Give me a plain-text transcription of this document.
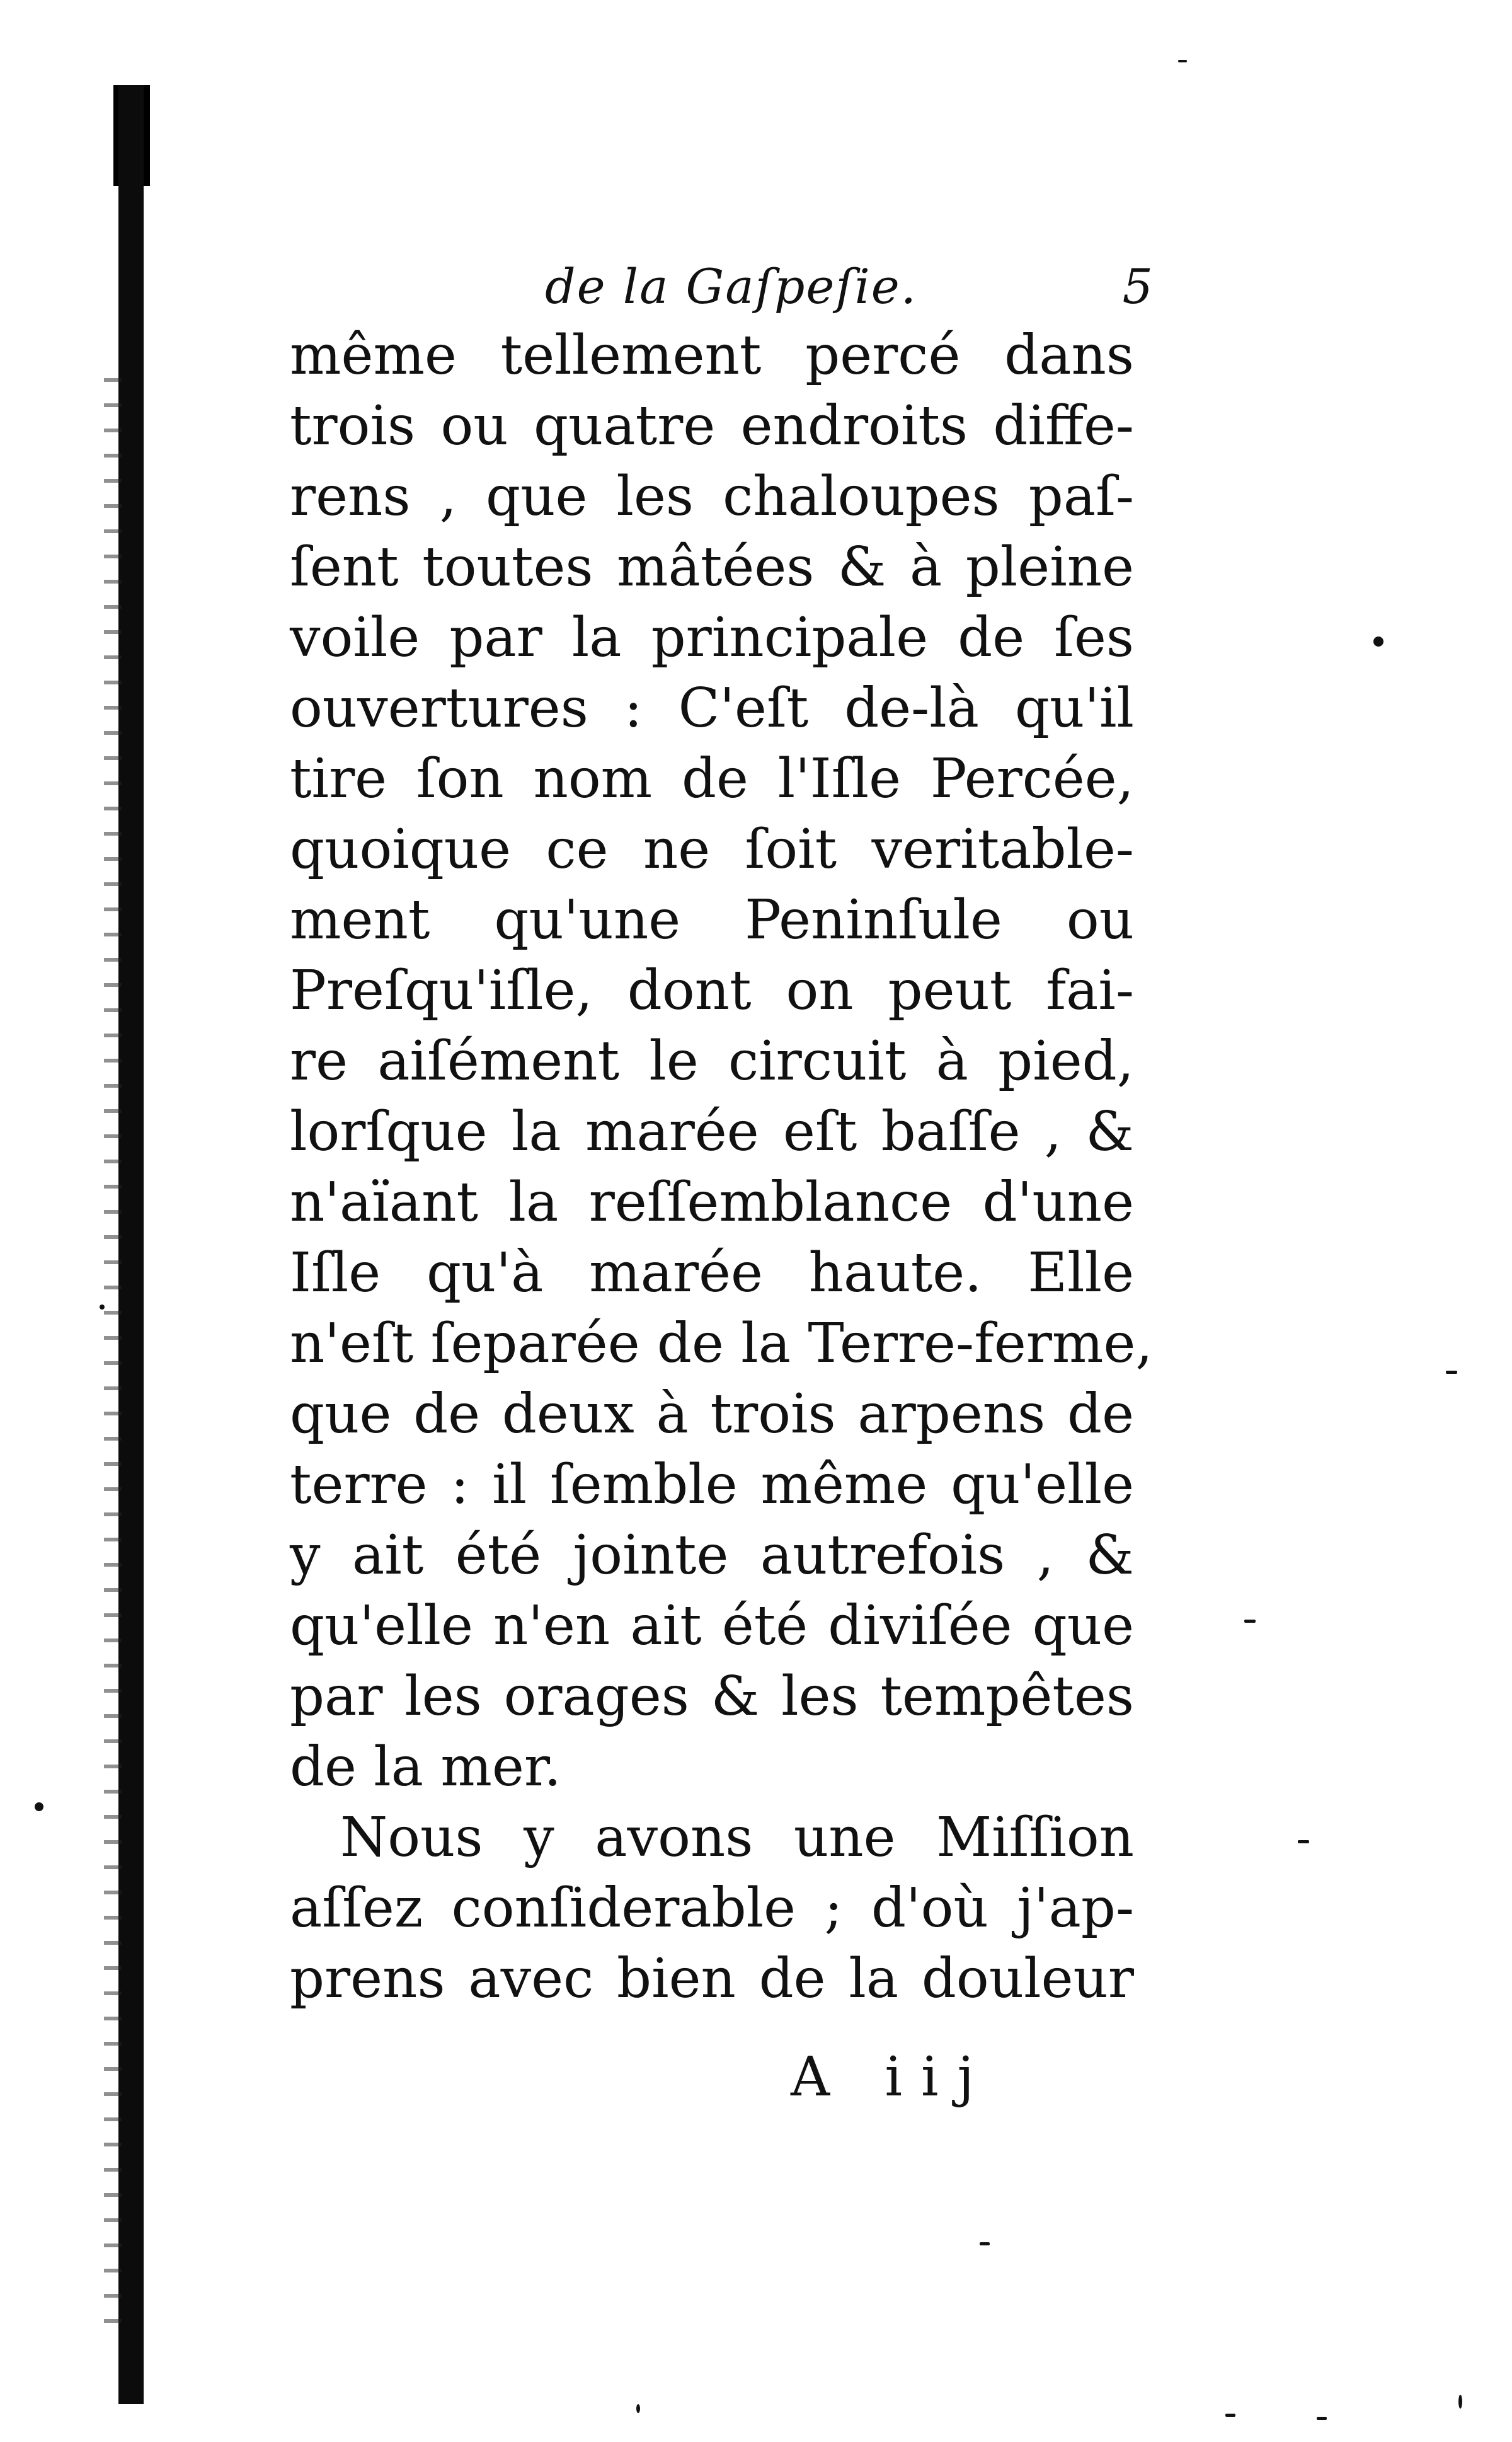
de la Gaſpeſie.	5
même tellement percé dans
trois ou quatre endroits diffe-
rens , que les chaloupes paſ-
ſent toutes mâtées & à pleine
voile par la principale de ſes
ouvertures : C'eſt de-là qu'il
tire ſon nom de l'Iſle Percée,
quoique ce ne ſoit veritable-
ment qu'une Peninſule ou
Preſqu'iſle, dont on peut fai-
re aiſément le circuit à pied,
lorſque la marée eſt baſſe , &
n'aïant la reſſemblance d'une
Iſle qu'à marée haute. Elle
n'eſt ſeparée de la Terre-ferme,
que de deux à trois arpens de
terre : il ſemble même qu'elle
y ait été jointe autrefois , &
qu'elle n'en ait été diviſée que
par les orages & les tempêtes
de la mer.
Nous y avons une Miſſion
aſſez conſiderable ; d'où j'ap-
prens avec bien de la douleur
A iij
